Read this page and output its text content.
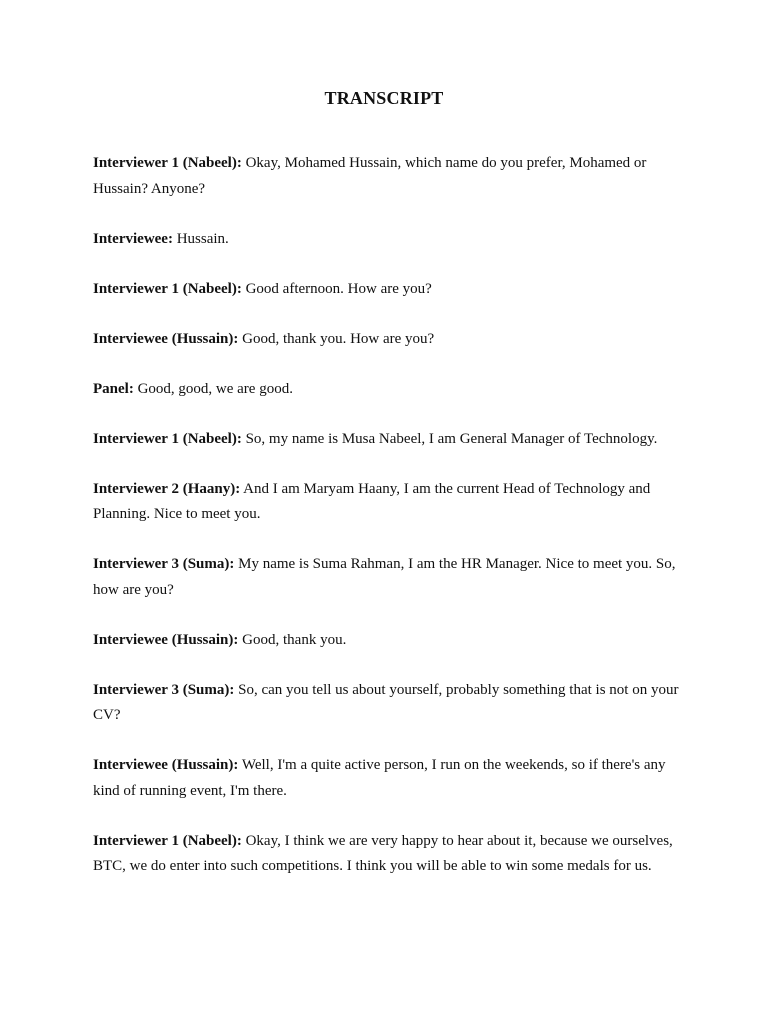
TRANSCRIPT

Interviewer 1 (Nabeel): Okay, Mohamed Hussain, which name do you prefer, Mohamed or Hussain? Anyone?

Interviewee: Hussain.

Interviewer 1 (Nabeel): Good afternoon. How are you?

Interviewee (Hussain): Good, thank you. How are you?

Panel: Good, good, we are good.

Interviewer 1 (Nabeel): So, my name is Musa Nabeel, I am General Manager of Technology.

Interviewer 2 (Haany): And I am Maryam Haany, I am the current Head of Technology and Planning. Nice to meet you.

Interviewer 3 (Suma): My name is Suma Rahman, I am the HR Manager. Nice to meet you. So, how are you?

Interviewee (Hussain): Good, thank you.

Interviewer 3 (Suma): So, can you tell us about yourself, probably something that is not on your CV?

Interviewee (Hussain): Well, I'm a quite active person, I run on the weekends, so if there's any kind of running event, I'm there.

Interviewer 1 (Nabeel): Okay, I think we are very happy to hear about it, because we ourselves, BTC, we do enter into such competitions. I think you will be able to win some medals for us.
